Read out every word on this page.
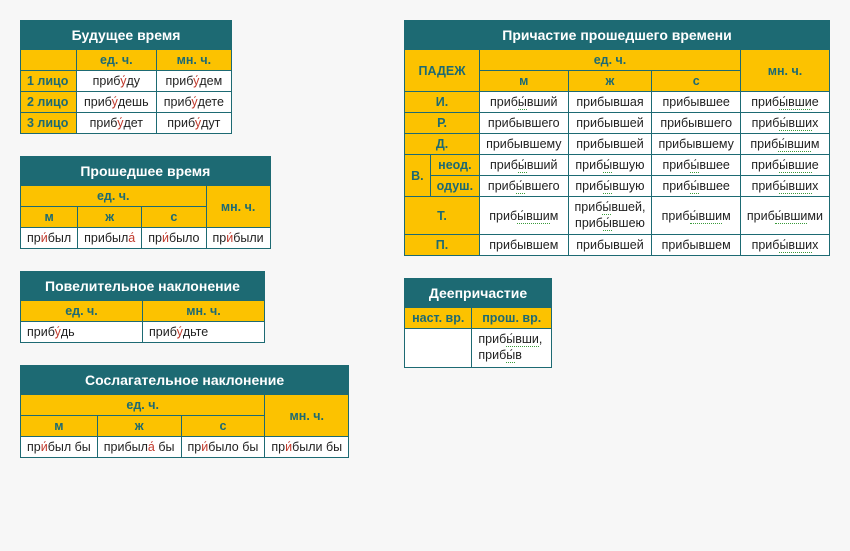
Будущее время		
	ед. ч.	мн. ч.
1 лицо	прибу́ду	прибу́дем
2 лицо	прибу́дешь	прибу́дете
3 лицо	прибу́дет	прибу́дут
Прошедшее время			
ед. ч.			мн. ч.
м	ж	с	
при́был	прибыла́	при́было	при́были
Повелительное наклонение	
ед. ч.	мн. ч.
прибу́дь	прибу́дьте
Сослагательное наклонение			
ед. ч.			мн. ч.
м	ж	с	
при́был бы	прибыла́ бы	при́было бы	при́были бы
Причастие прошедшего времени					
ПАДЕЖ		ед. ч.			мн. ч.
		м	ж	с	
И.		прибы́вший	прибывшая	прибывшее	прибы́вшие
Р.		прибывшего	прибывшей	прибывшего	прибы́вших
Д.		прибывшему	прибывшей	прибывшему	прибы́вшим
В.	неод.	прибы́вший	прибы́вшую	прибы́вшее	прибы́вшие
	одуш.	прибы́вшего	прибы́вшую	прибы́вшее	прибы́вших
Т.		прибы́вшим	прибы́вшей,
прибы́вшею	прибы́вшим	прибы́вшими
П.		прибывшем	прибывшей	прибывшем	прибы́вших
Деепричастие	
наст. вр.	прош. вр.
	прибы́вши,
прибы́в
